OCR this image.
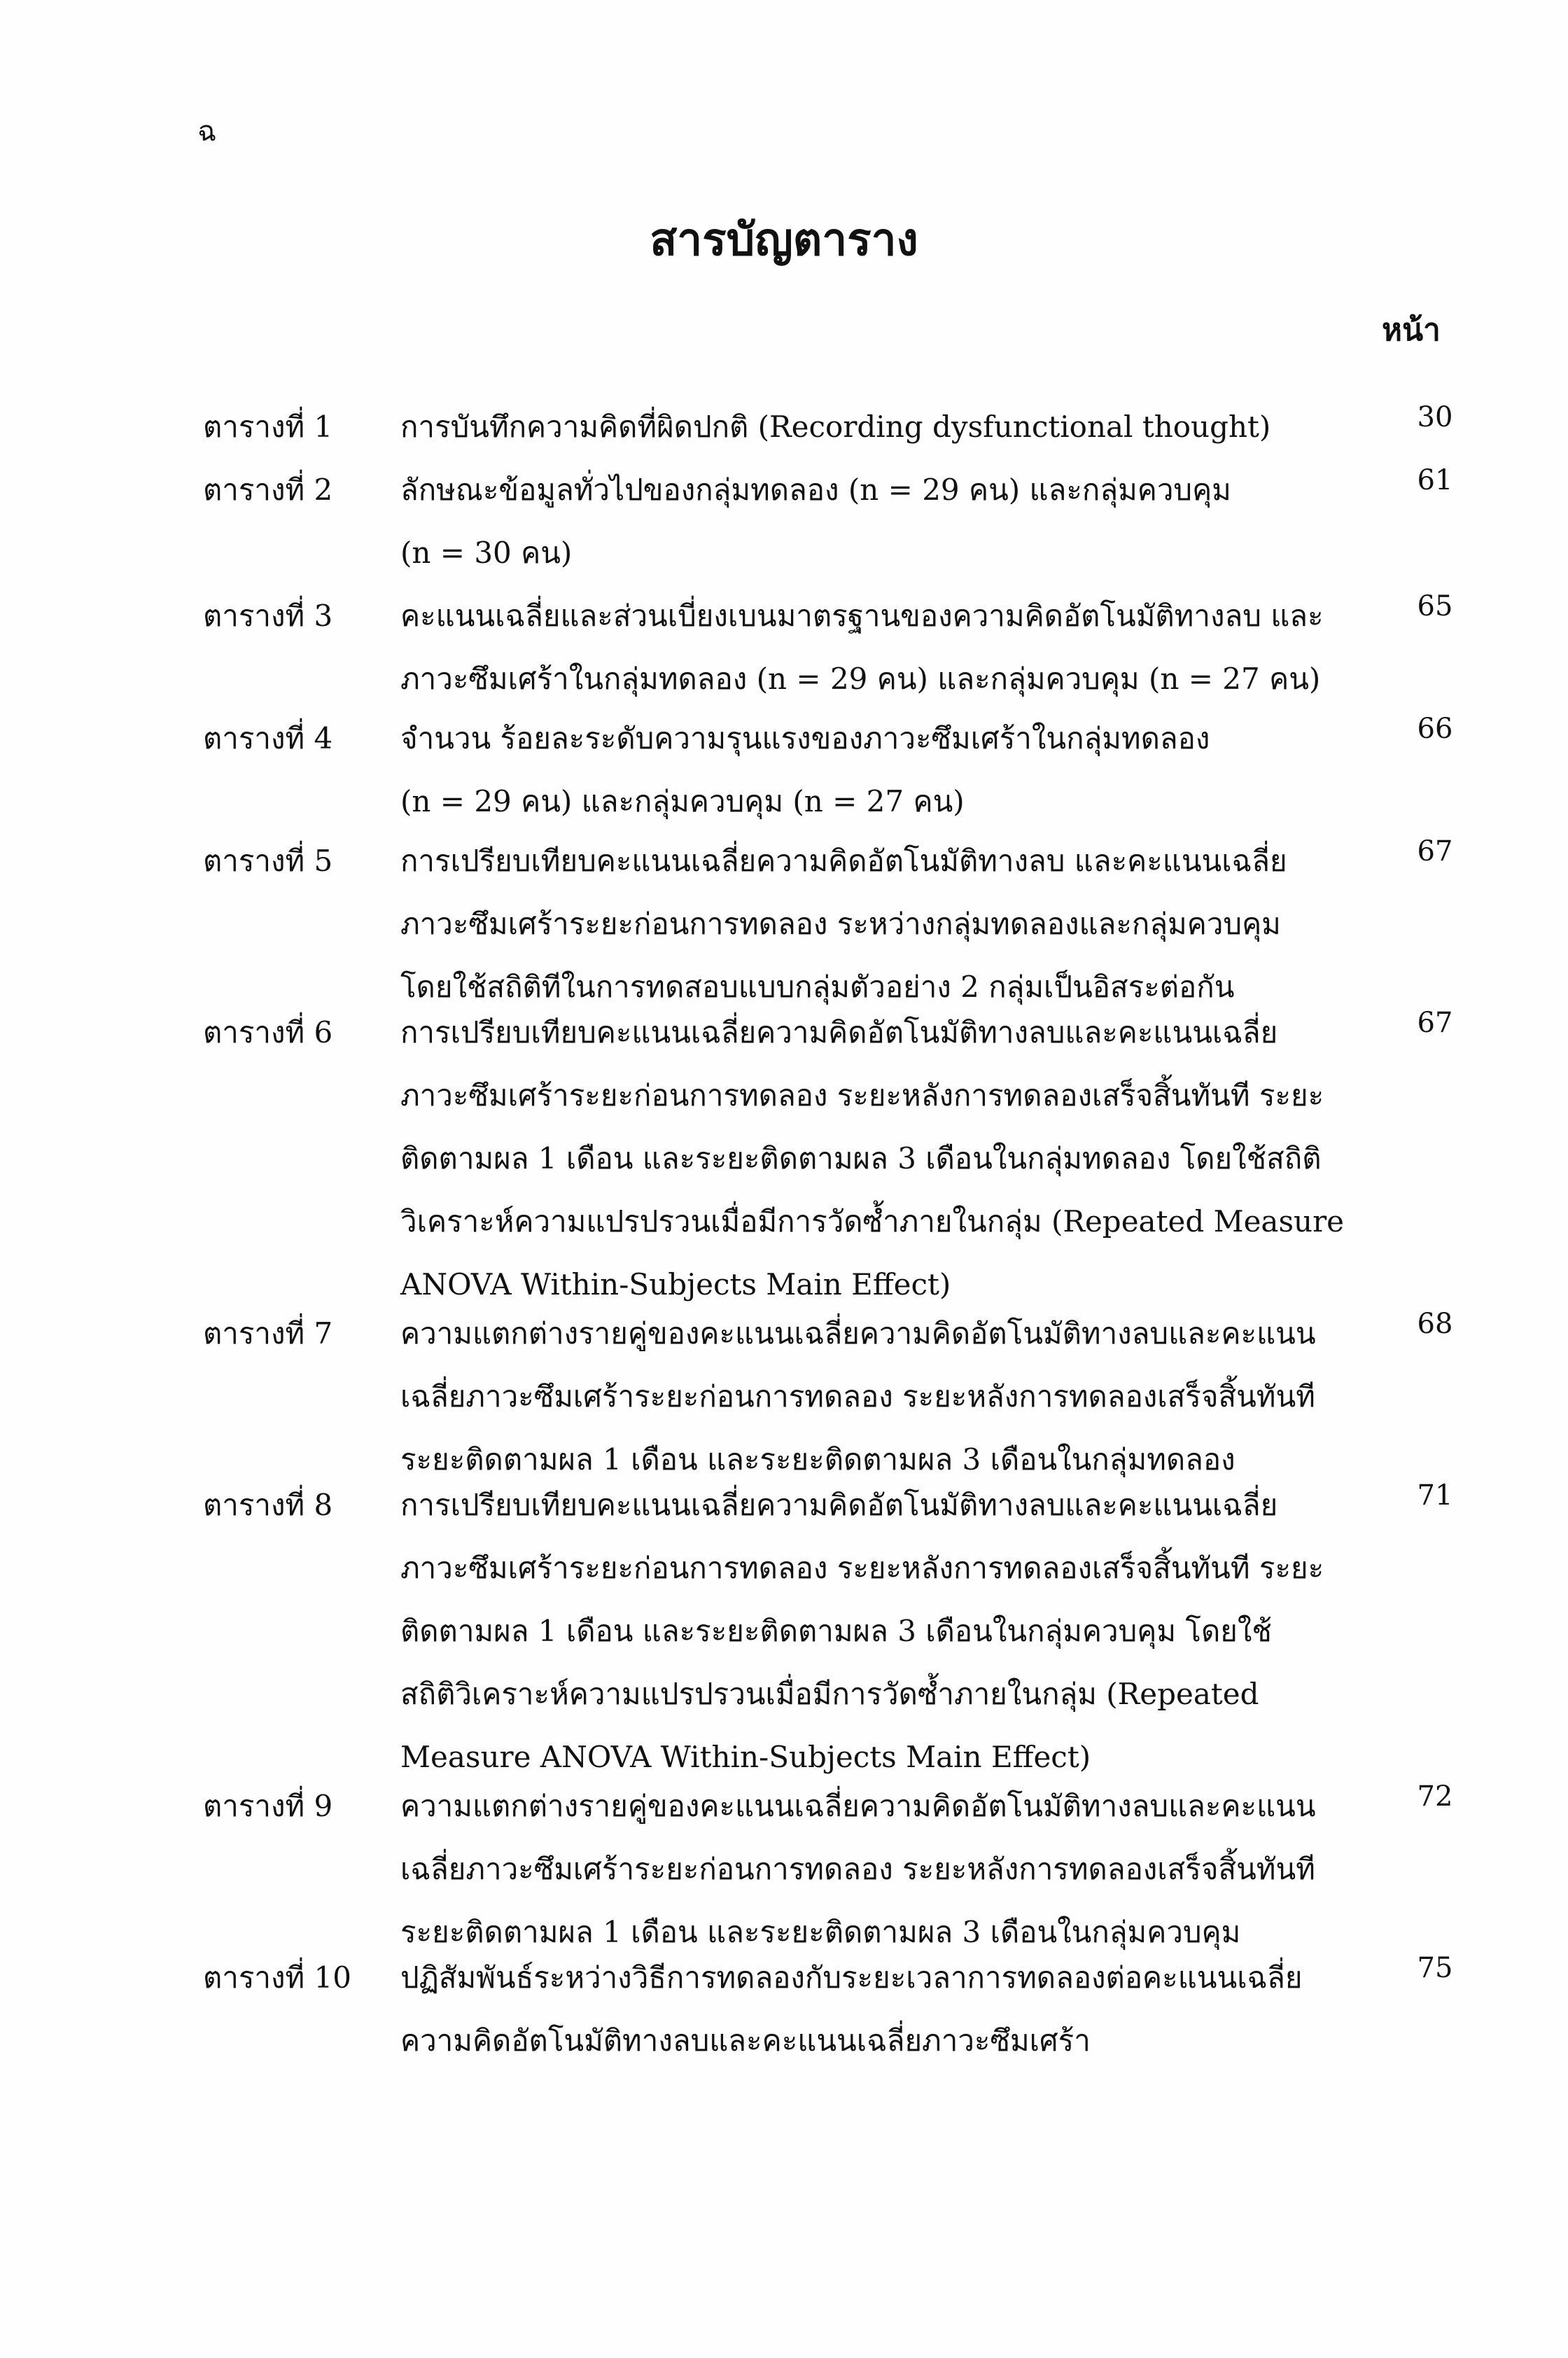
ฉ
สารบัญตาราง
หน้า
ตารางที่ 1 การบันทึกความคิดที่ผิดปกติ (Recording dysfunctional thought)	30
ตารางที่ 2 ลักษณะข้อมูลทั่วไปของกลุ่มทดลอง (n = 29 คน) และกลุ่มควบคุม
(n = 30 คน)
61
ตารางที่ 3 คะแนนเฉลี่ยและส่วนเบี่ยงเบนมาตรฐานของความคิดอัตโนมัติทางลบ และ
ภาวะซึมเศร้าในกลุ่มทดลอง (n = 29 คน) และกลุ่มควบคุม (n = 27 คน)
65
ตารางที่ 4 จำนวน ร้อยละระดับความรุนแรงของภาวะซึมเศร้าในกลุ่มทดลอง
(n = 29 คน) และกลุ่มควบคุม (n = 27 คน)
66
ตารางที่ 5 การเปรียบเทียบคะแนนเฉลี่ยความคิดอัตโนมัติทางลบ และคะแนนเฉลี่ย
ภาวะซึมเศร้าระยะก่อนการทดลอง ระหว่างกลุ่มทดลองและกลุ่มควบคุม
โดยใช้สถิติทีในการทดสอบแบบกลุ่มตัวอย่าง 2 กลุ่มเป็นอิสระต่อกัน
67
ตารางที่ 6 การเปรียบเทียบคะแนนเฉลี่ยความคิดอัตโนมัติทางลบและคะแนนเฉลี่ย
ภาวะซึมเศร้าระยะก่อนการทดลอง ระยะหลังการทดลองเสร็จสิ้นทันที ระยะ
ติดตามผล 1 เดือน และระยะติดตามผล 3 เดือนในกลุ่มทดลอง โดยใช้สถิติ
วิเคราะห์ความแปรปรวนเมื่อมีการวัดซ้ำภายในกลุ่ม (Repeated Measure
ANOVA Within-Subjects Main Effect)
67
ตารางที่ 7 ความแตกต่างรายคู่ของคะแนนเฉลี่ยความคิดอัตโนมัติทางลบและคะแนน
เฉลี่ยภาวะซึมเศร้าระยะก่อนการทดลอง ระยะหลังการทดลองเสร็จสิ้นทันที
ระยะติดตามผล 1 เดือน และระยะติดตามผล 3 เดือนในกลุ่มทดลอง
68
ตารางที่ 8 การเปรียบเทียบคะแนนเฉลี่ยความคิดอัตโนมัติทางลบและคะแนนเฉลี่ย
ภาวะซึมเศร้าระยะก่อนการทดลอง ระยะหลังการทดลองเสร็จสิ้นทันที ระยะ
ติดตามผล 1 เดือน และระยะติดตามผล 3 เดือนในกลุ่มควบคุม โดยใช้
สถิติวิเคราะห์ความแปรปรวนเมื่อมีการวัดซ้ำภายในกลุ่ม (Repeated
Measure ANOVA Within-Subjects Main Effect)
71
ตารางที่ 9 ความแตกต่างรายคู่ของคะแนนเฉลี่ยความคิดอัตโนมัติทางลบและคะแนน
เฉลี่ยภาวะซึมเศร้าระยะก่อนการทดลอง ระยะหลังการทดลองเสร็จสิ้นทันที
ระยะติดตามผล 1 เดือน และระยะติดตามผล 3 เดือนในกลุ่มควบคุม
72
ตารางที่ 10 ปฏิสัมพันธ์ระหว่างวิธีการทดลองกับระยะเวลาการทดลองต่อคะแนนเฉลี่ย
ความคิดอัตโนมัติทางลบและคะแนนเฉลี่ยภาวะซึมเศร้า
75
